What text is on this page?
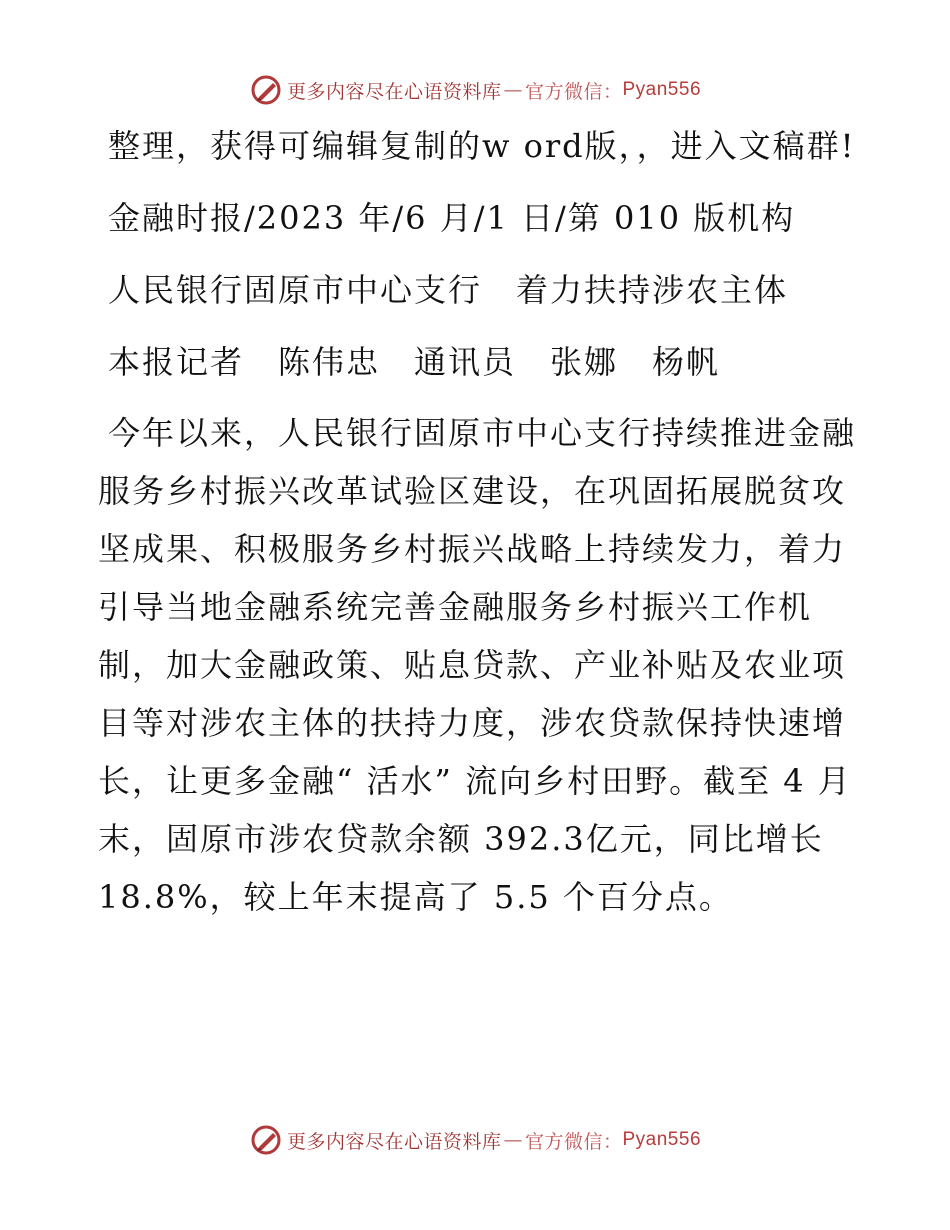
更多内容尽在心语资料库 — 官方微信： Pyan556

整理，获得可编辑复制的w ord版，，进入文稿群!

金融时报/2023 年/6 月/1 日/第 010 版机构

人民银行固原市中心支行　着力扶持涉农主体

本报记者　陈伟忠　通讯员　张娜　杨帆

今年以来，人民银行固原市中心支行持续推进金融服务乡村振兴改革试验区建设，在巩固拓展脱贫攻坚成果、积极服务乡村振兴战略上持续发力，着力引导当地金融系统完善金融服务乡村振兴工作机制，加大金融政策、贴息贷款、产业补贴及农业项目等对涉农主体的扶持力度，涉农贷款保持快速增长，让更多金融“ 活水” 流向乡村田野。截至 4 月末，固原市涉农贷款余额 392.3亿元，同比增长 18.8%，较上年末提高了 5.5 个百分点。

更多内容尽在心语资料库 — 官方微信： Pyan556
